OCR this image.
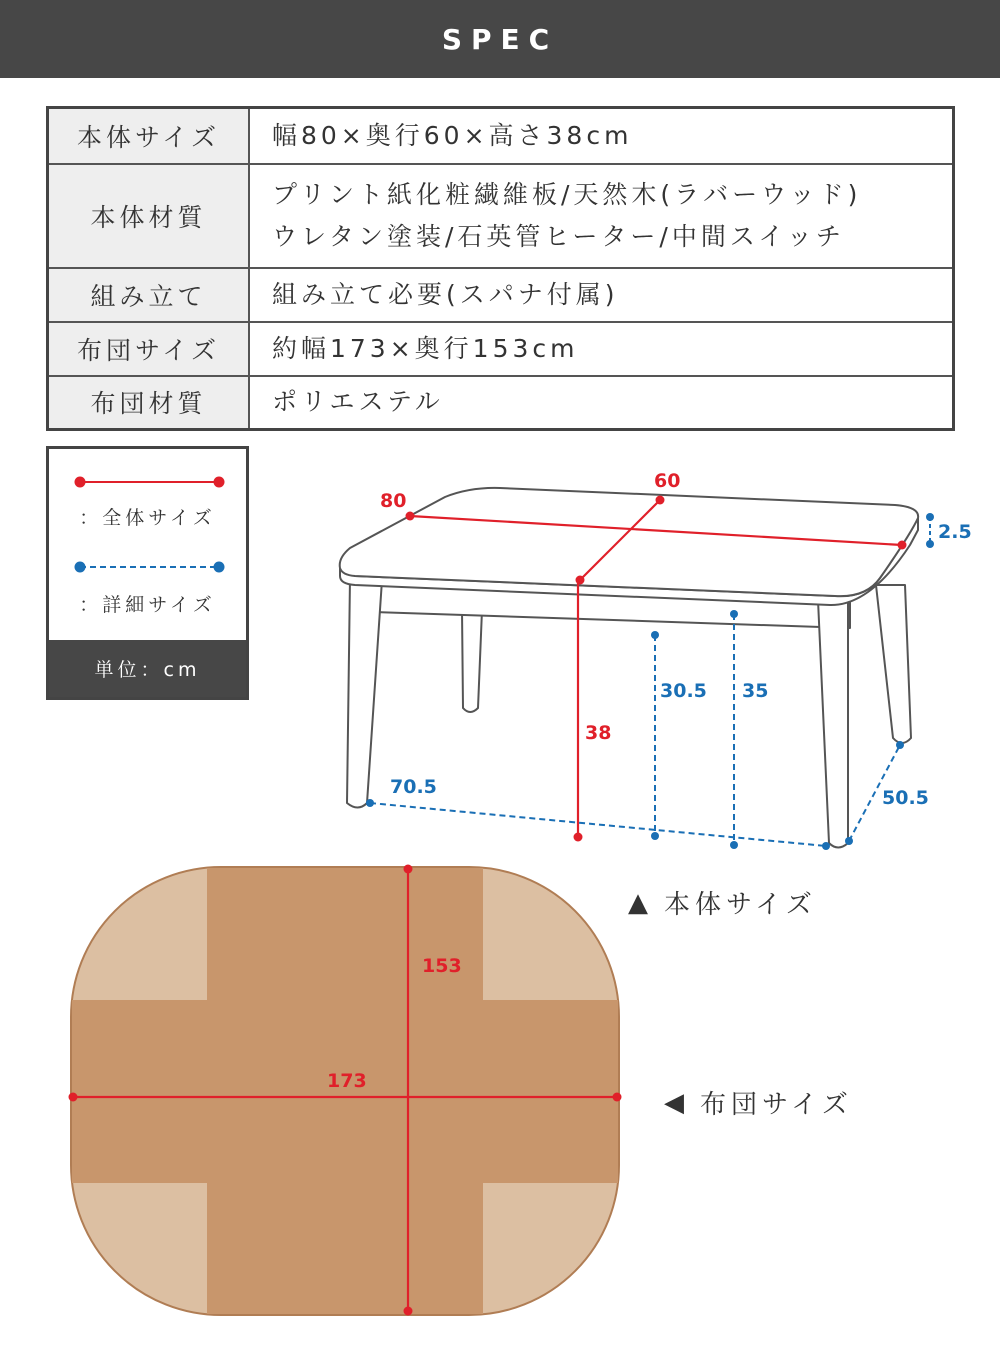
SPEC
本体サイズ	幅80×奥行60×高さ38cm

本体材質	プリント紙化粧繊維板/天然木(ラバーウッド)
ウレタン塗装/石英管ヒーター/中間スイッチ

組み立て	組み立て必要(スパナ付属)

布団サイズ	約幅173×奥行153cm

布団材質	ポリエステル
：全体サイズ
：詳細サイズ
単位：cm
80
60
38
2.5
30.5 35
70.5	50.5
153
173
▲ 本体サイズ
◀ 布団サイズ
